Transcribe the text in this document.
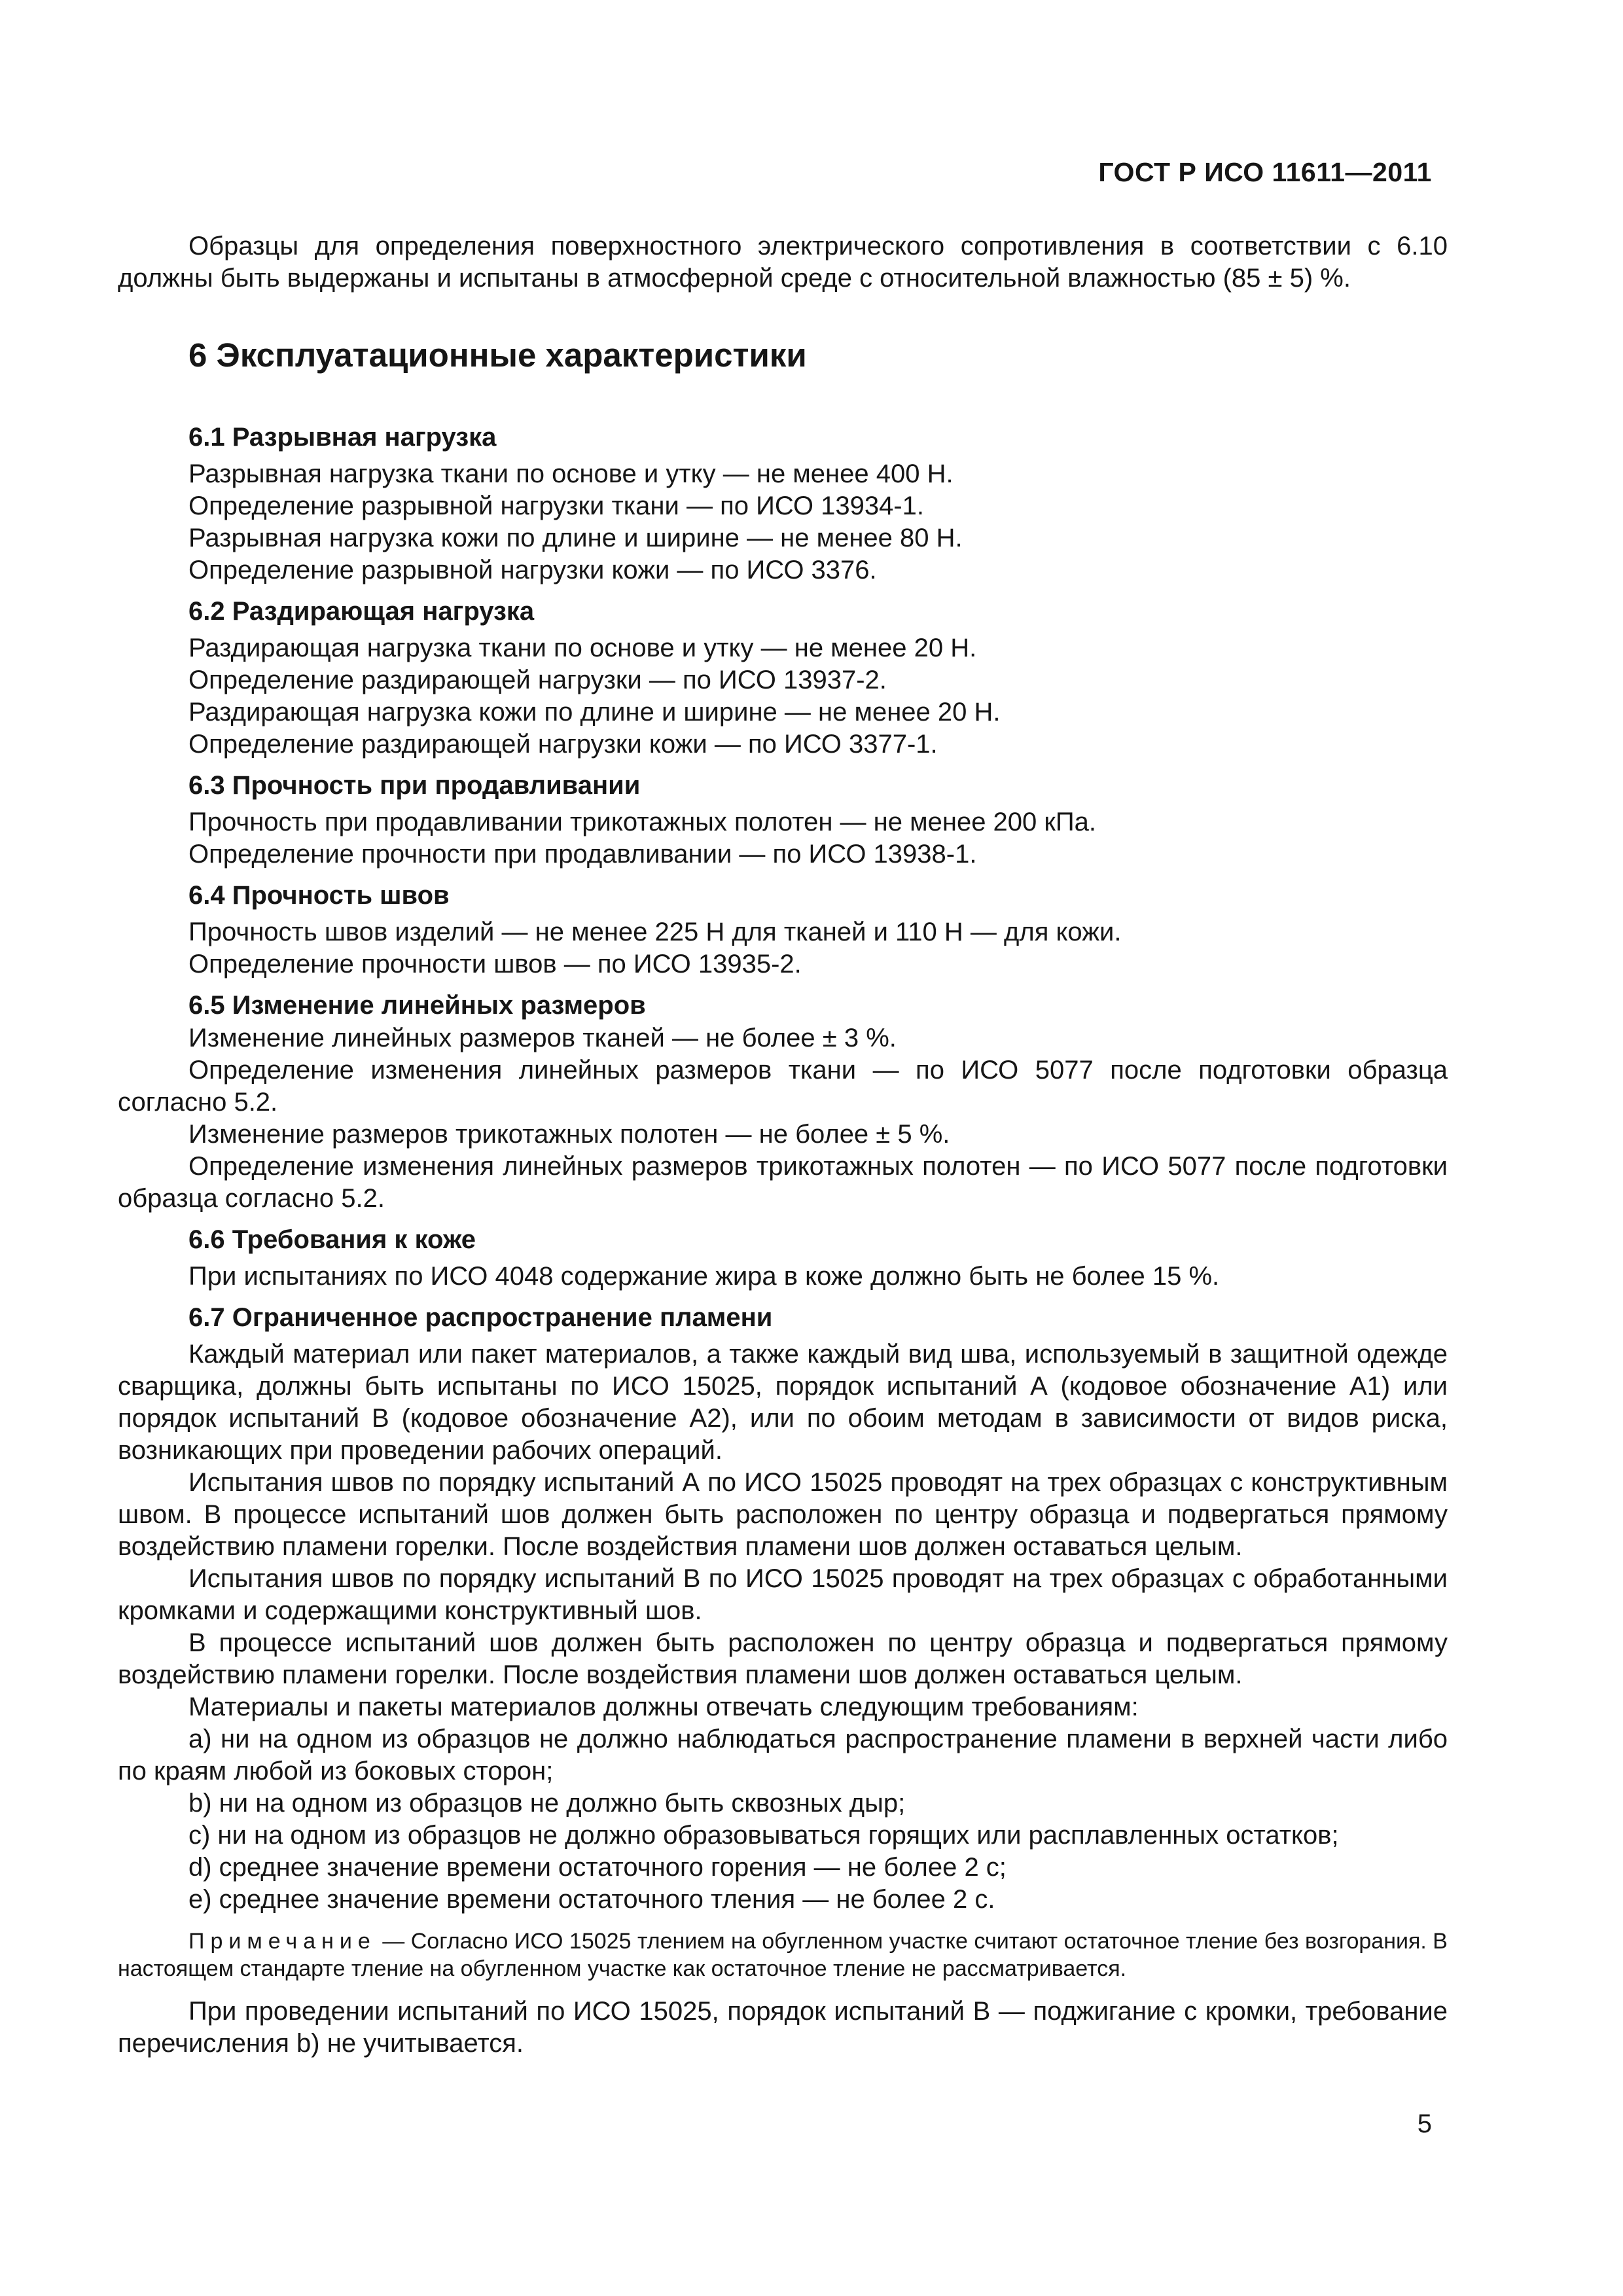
ГОСТ Р ИСО 11611—2011

Образцы для определения поверхностного электрического сопротивления в соответствии с 6.10 должны быть выдержаны и испытаны в атмосферной среде с относительной влажностью (85 ± 5) %.

6 Эксплуатационные характеристики
6.1 Разрывная нагрузка

Разрывная нагрузка ткани по основе и утку — не менее 400 Н.

Определение разрывной нагрузки ткани — по ИСО 13934-1.

Разрывная нагрузка кожи по длине и ширине — не менее 80 Н.

Определение разрывной нагрузки кожи — по ИСО 3376.

6.2 Раздирающая нагрузка

Раздирающая нагрузка ткани по основе и утку — не менее 20 Н.

Определение раздирающей нагрузки — по ИСО 13937-2.

Раздирающая нагрузка кожи по длине и ширине — не менее 20 Н.

Определение раздирающей нагрузки кожи — по ИСО 3377-1.

6.3 Прочность при продавливании

Прочность при продавливании трикотажных полотен — не менее 200 кПа.

Определение прочности при продавливании — по ИСО 13938-1.

6.4 Прочность швов

Прочность швов изделий — не менее 225 Н для тканей и 110 Н — для кожи.

Определение прочности швов — по ИСО 13935-2.

6.5 Изменение линейных размеров

Изменение линейных размеров тканей — не более ± 3 %.

Определение изменения линейных размеров ткани — по ИСО 5077 после подготовки образца согласно 5.2.

Изменение размеров трикотажных полотен — не более ± 5 %.

Определение изменения линейных размеров трикотажных полотен — по ИСО 5077 после подготовки образца согласно 5.2.

6.6 Требования к коже

При испытаниях по ИСО 4048 содержание жира в коже должно быть не более 15 %.

6.7 Ограниченное распространение пламени

Каждый материал или пакет материалов, а также каждый вид шва, используемый в защитной одежде сварщика, должны быть испытаны по ИСО 15025, порядок испытаний А (кодовое обозначение А1) или порядок испытаний В (кодовое обозначение А2), или по обоим методам в зависимости от видов риска, возникающих при проведении рабочих операций.

Испытания швов по порядку испытаний А по ИСО 15025 проводят на трех образцах с конструктивным швом. В процессе испытаний шов должен быть расположен по центру образца и подвергаться прямому воздействию пламени горелки. После воздействия пламени шов должен оставаться целым.

Испытания швов по порядку испытаний В по ИСО 15025 проводят на трех образцах с обработанными кромками и содержащими конструктивный шов.

В процессе испытаний шов должен быть расположен по центру образца и подвергаться прямому воздействию пламени горелки. После воздействия пламени шов должен оставаться целым.

Материалы и пакеты материалов должны отвечать следующим требованиям:

a) ни на одном из образцов не должно наблюдаться распространение пламени в верхней части либо по краям любой из боковых сторон;

b) ни на одном из образцов не должно быть сквозных дыр;

c) ни на одном из образцов не должно образовываться горящих или расплавленных остатков;

d) среднее значение времени остаточного горения — не более 2 с;

e) среднее значение времени остаточного тления — не более 2 с.

Примечание — Согласно ИСО 15025 тлением на обугленном участке считают остаточное тление без возгорания. В настоящем стандарте тление на обугленном участке как остаточное тление не рассматривается.

При проведении испытаний по ИСО 15025, порядок испытаний В — поджигание с кромки, требование перечисления b) не учитывается.

5
